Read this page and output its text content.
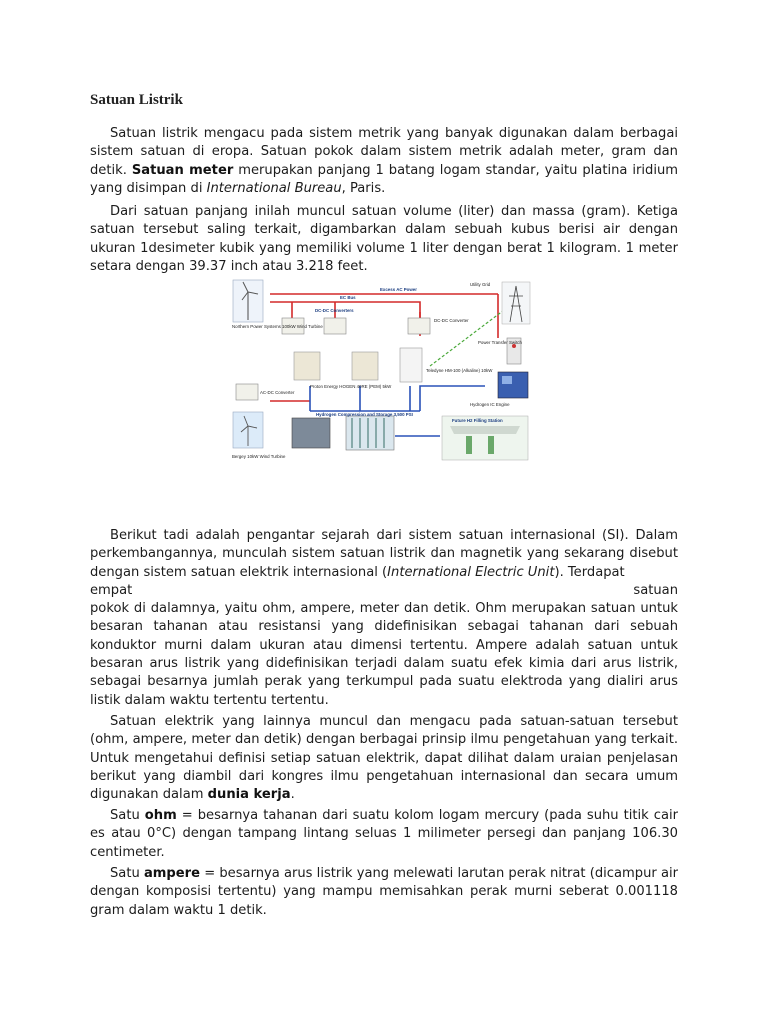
Satuan Listrik

Satuan listrik mengacu pada sistem metrik yang banyak digunakan dalam berbagai sistem satuan di eropa. Satuan pokok dalam sistem metrik adalah meter, gram dan detik. Satuan meter merupakan panjang 1 batang logam standar, yaitu platina iridium yang disimpan di International Bureau, Paris.

Dari satuan panjang inilah muncul satuan volume (liter) dan massa (gram). Ketiga satuan tersebut saling terkait, digambarkan dalam sebuah kubus berisi air dengan ukuran 1desimeter kubik yang memiliki volume 1 liter dengan berat 1 kilogram. 1 meter setara dengan 39.37 inch atau 3.218 feet.

Berikut tadi adalah pengantar sejarah dari sistem satuan internasional (SI). Dalam perkembangannya, munculah sistem satuan listrik dan magnetik yang sekarang disebut dengan sistem satuan elektrik internasional (International Electric Unit). Terdapat
empat	satuan
pokok di dalamnya, yaitu ohm, ampere, meter dan detik. Ohm merupakan satuan untuk besaran tahanan atau resistansi yang didefinisikan sebagai tahanan dari sebuah konduktor murni dalam ukuran atau dimensi tertentu. Ampere adalah satuan untuk besaran arus listrik yang didefinisikan terjadi dalam suatu efek kimia dari arus listrik, sebagai besarnya jumlah perak yang terkumpul pada suatu elektroda yang dialiri arus listik dalam waktu tertentu tertentu.

Satuan elektrik yang lainnya muncul dan mengacu pada satuan-satuan tersebut (ohm, ampere, meter dan detik) dengan berbagai prinsip ilmu pengetahuan yang terkait. Untuk mengetahui definisi setiap satuan elektrik, dapat dilihat dalam uraian penjelasan berikut yang diambil dari kongres ilmu pengetahuan internasional dan secara umum digunakan dalam dunia kerja.

Satu ohm = besarnya tahanan dari suatu kolom logam mercury (pada suhu titik cair es atau 0°C) dengan tampang lintang seluas 1 milimeter persegi dan panjang 106.30 centimeter.

Satu ampere = besarnya arus listrik yang melewati larutan perak nitrat (dicampur air dengan komposisi tertentu) yang mampu memisahkan perak murni seberat 0.001118 gram dalam waktu 1 detik.

Excess AC Power
EC Bus
DC-DC Converters
DC-DC Converter
Utility Grid
Power Transfer Switch
Northern Power Systems 100kW Wind Turbine
Proton Energy HOGEN 40RE (PEM) 5kW
Teledyne HM-100 (Alkaline) 10kW
Hydrogen IC Engine
AC-DC Converter
Hydrogen Compression and Storage 3,500 PSI
Future H2 Filling Station
Bergey 10kW Wind Turbine
